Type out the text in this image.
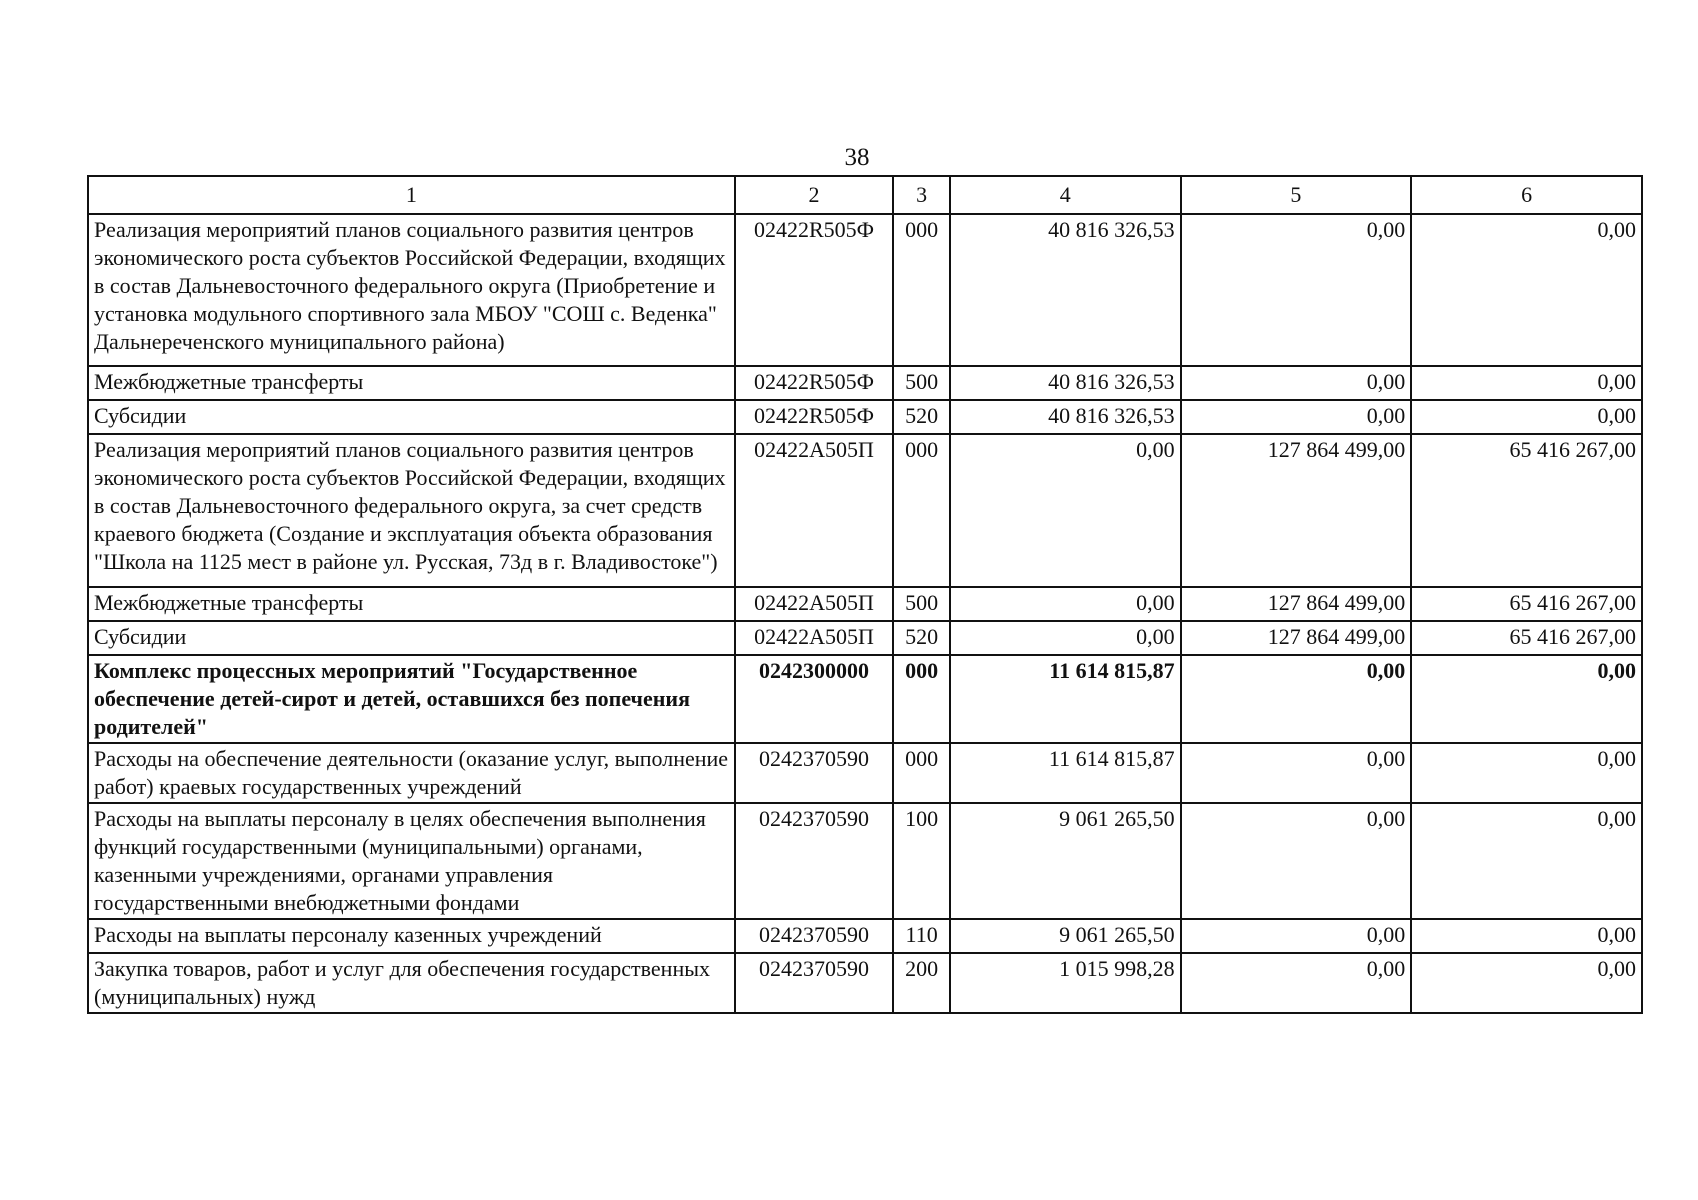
38
1	2	3	4	5	6
Реализация мероприятий планов социального развития центров экономического роста субъектов Российской Федерации, входящих в состав Дальневосточного федерального округа (Приобретение и установка модульного спортивного зала МБОУ "СОШ с. Веденка" Дальнереченского муниципального района)	02422R505Ф	000	40 816 326,53	0,00	0,00
Межбюджетные трансферты	02422R505Ф	500	40 816 326,53	0,00	0,00
Субсидии	02422R505Ф	520	40 816 326,53	0,00	0,00
Реализация мероприятий планов социального развития центров экономического роста субъектов Российской Федерации, входящих в состав Дальневосточного федерального округа, за счет средств краевого бюджета (Создание и эксплуатация объекта образования "Школа на 1125 мест в районе ул. Русская, 73д в г. Владивостоке")	02422А505П	000	0,00	127 864 499,00	65 416 267,00
Межбюджетные трансферты	02422А505П	500	0,00	127 864 499,00	65 416 267,00
Субсидии	02422А505П	520	0,00	127 864 499,00	65 416 267,00
Комплекс процессных мероприятий "Государственное обеспечение детей-сирот и детей, оставшихся без попечения родителей"	0242300000	000	11 614 815,87	0,00	0,00
Расходы на обеспечение деятельности (оказание услуг, выполнение работ) краевых государственных учреждений	0242370590	000	11 614 815,87	0,00	0,00
Расходы на выплаты персоналу в целях обеспечения выполнения функций государственными (муниципальными) органами, казенными учреждениями, органами управления государственными внебюджетными фондами	0242370590	100	9 061 265,50	0,00	0,00
Расходы на выплаты персоналу казенных учреждений	0242370590	110	9 061 265,50	0,00	0,00
Закупка товаров, работ и услуг для обеспечения государственных (муниципальных) нужд	0242370590	200	1 015 998,28	0,00	0,00
